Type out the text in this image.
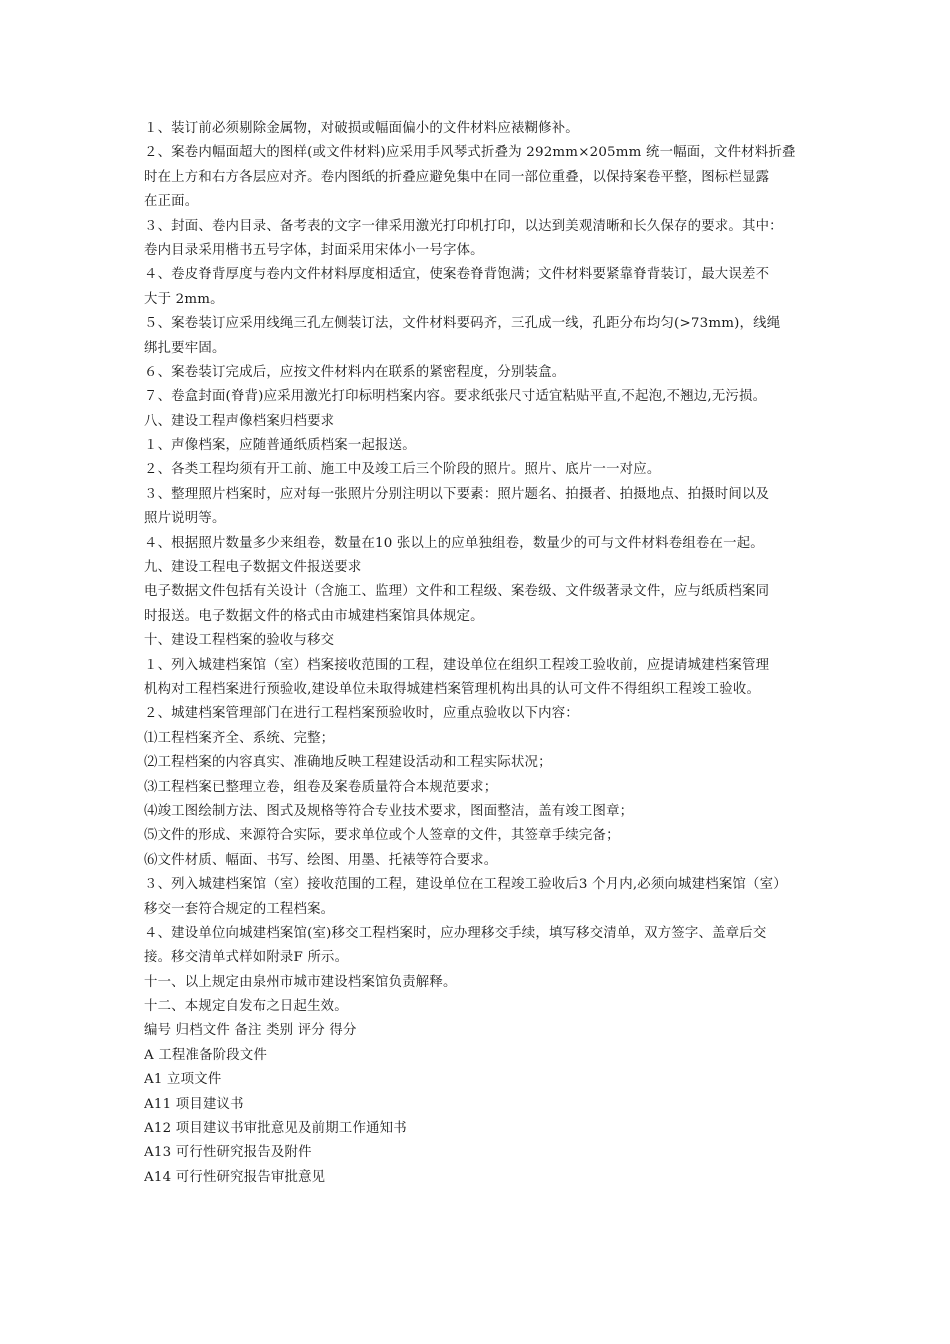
１、装订前必须剔除金属物，对破损或幅面偏小的文件材料应裱糊修补。
２、案卷内幅面超大的图样(或文件材料)应采用手风琴式折叠为 292mm×205mm 统一幅面，文件材料折叠
时在上方和右方各层应对齐。卷内图纸的折叠应避免集中在同一部位重叠，以保持案卷平整，图标栏显露
在正面。
３、封面、卷内目录、备考表的文字一律采用激光打印机打印，以达到美观清晰和长久保存的要求。其中：
卷内目录采用楷书五号字体，封面采用宋体小一号字体。
４、卷皮脊背厚度与卷内文件材料厚度相适宜，使案卷脊背饱满；文件材料要紧靠脊背装订，最大误差不
大于 2mm。
５、案卷装订应采用线绳三孔左侧装订法，文件材料要码齐，三孔成一线，孔距分布均匀(>73mm)，线绳
绑扎要牢固。
６、案卷装订完成后，应按文件材料内在联系的紧密程度，分别装盒。
７、卷盒封面(脊背)应采用激光打印标明档案内容。要求纸张尺寸适宜粘贴平直,不起泡,不翘边,无污损。
八、建设工程声像档案归档要求
１、声像档案，应随普通纸质档案一起报送。
２、各类工程均须有开工前、施工中及竣工后三个阶段的照片。照片、底片一一对应。
３、整理照片档案时，应对每一张照片分别注明以下要素：照片题名、拍摄者、拍摄地点、拍摄时间以及
照片说明等。
４、根据照片数量多少来组卷，数量在10 张以上的应单独组卷，数量少的可与文件材料卷组卷在一起。
九、建设工程电子数据文件报送要求
电子数据文件包括有关设计（含施工、监理）文件和工程级、案卷级、文件级著录文件，应与纸质档案同
时报送。电子数据文件的格式由市城建档案馆具体规定。
十、建设工程档案的验收与移交
１、列入城建档案馆（室）档案接收范围的工程，建设单位在组织工程竣工验收前，应提请城建档案管理
机构对工程档案进行预验收,建设单位未取得城建档案管理机构出具的认可文件不得组织工程竣工验收。
２、城建档案管理部门在进行工程档案预验收时，应重点验收以下内容：
⑴工程档案齐全、系统、完整；
⑵工程档案的内容真实、准确地反映工程建设活动和工程实际状况；
⑶工程档案已整理立卷，组卷及案卷质量符合本规范要求；
⑷竣工图绘制方法、图式及规格等符合专业技术要求，图面整洁，盖有竣工图章；
⑸文件的形成、来源符合实际，要求单位或个人签章的文件，其签章手续完备；
⑹文件材质、幅面、书写、绘图、用墨、托裱等符合要求。
３、列入城建档案馆（室）接收范围的工程，建设单位在工程竣工验收后3 个月内,必须向城建档案馆（室）
移交一套符合规定的工程档案。
４、建设单位向城建档案馆(室)移交工程档案时，应办理移交手续，填写移交清单，双方签字、盖章后交
接。移交清单式样如附录F 所示。
十一、以上规定由泉州市城市建设档案馆负责解释。
十二、本规定自发布之日起生效。
编号 归档文件 备注 类别 评分 得分
A 工程准备阶段文件
A1 立项文件
A11 项目建议书
A12 项目建议书审批意见及前期工作通知书
A13 可行性研究报告及附件
A14 可行性研究报告审批意见
